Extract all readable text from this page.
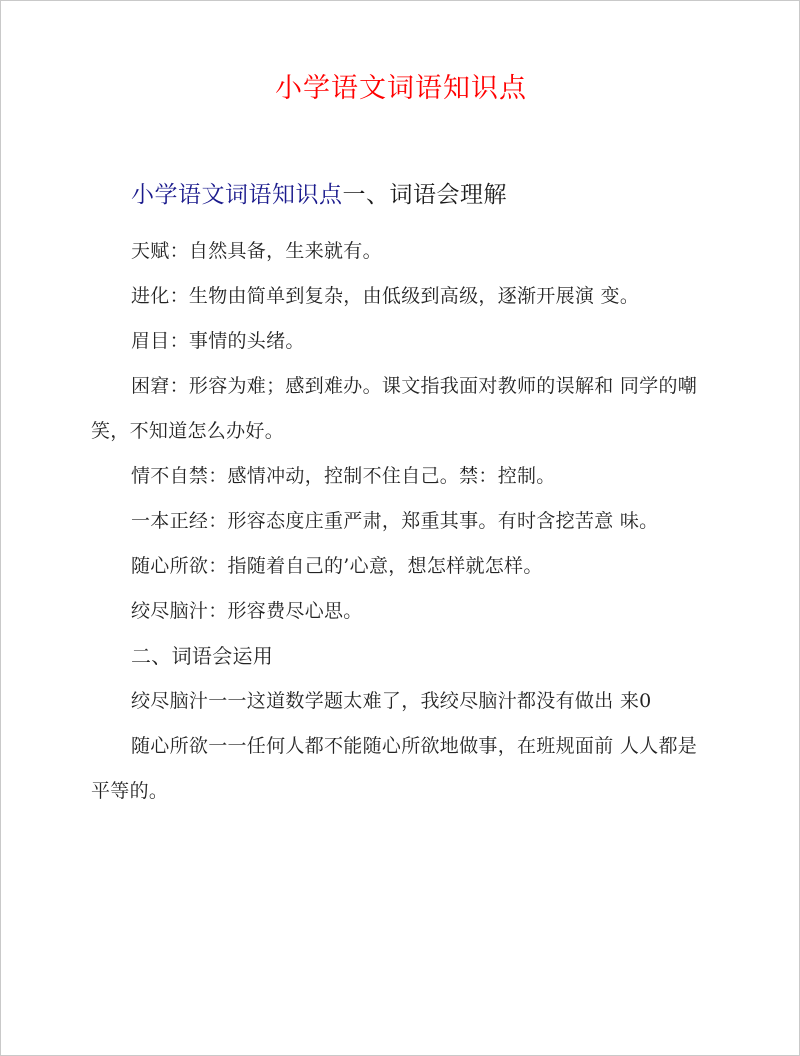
小学语文词语知识点
小学语文词语知识点一、词语会理解

天赋：自然具备，生来就有。

进化：生物由简单到复杂，由低级到高级，逐渐开展演 变。

眉目：事情的头绪。

困窘：形容为难；感到难办。课文指我面对教师的误解和 同学的嘲笑，不知道怎么办好。

情不自禁：感情冲动，控制不住自己。禁：控制。

一本正经：形容态度庄重严肃，郑重其事。有时含挖苦意 味。

随心所欲：指随着自己的’心意，想怎样就怎样。

绞尽脑汁：形容费尽心思。

二、词语会运用

绞尽脑汁一一这道数学题太难了，我绞尽脑汁都没有做出 来0

随心所欲一一任何人都不能随心所欲地做事，在班规面前 人人都是平等的。
